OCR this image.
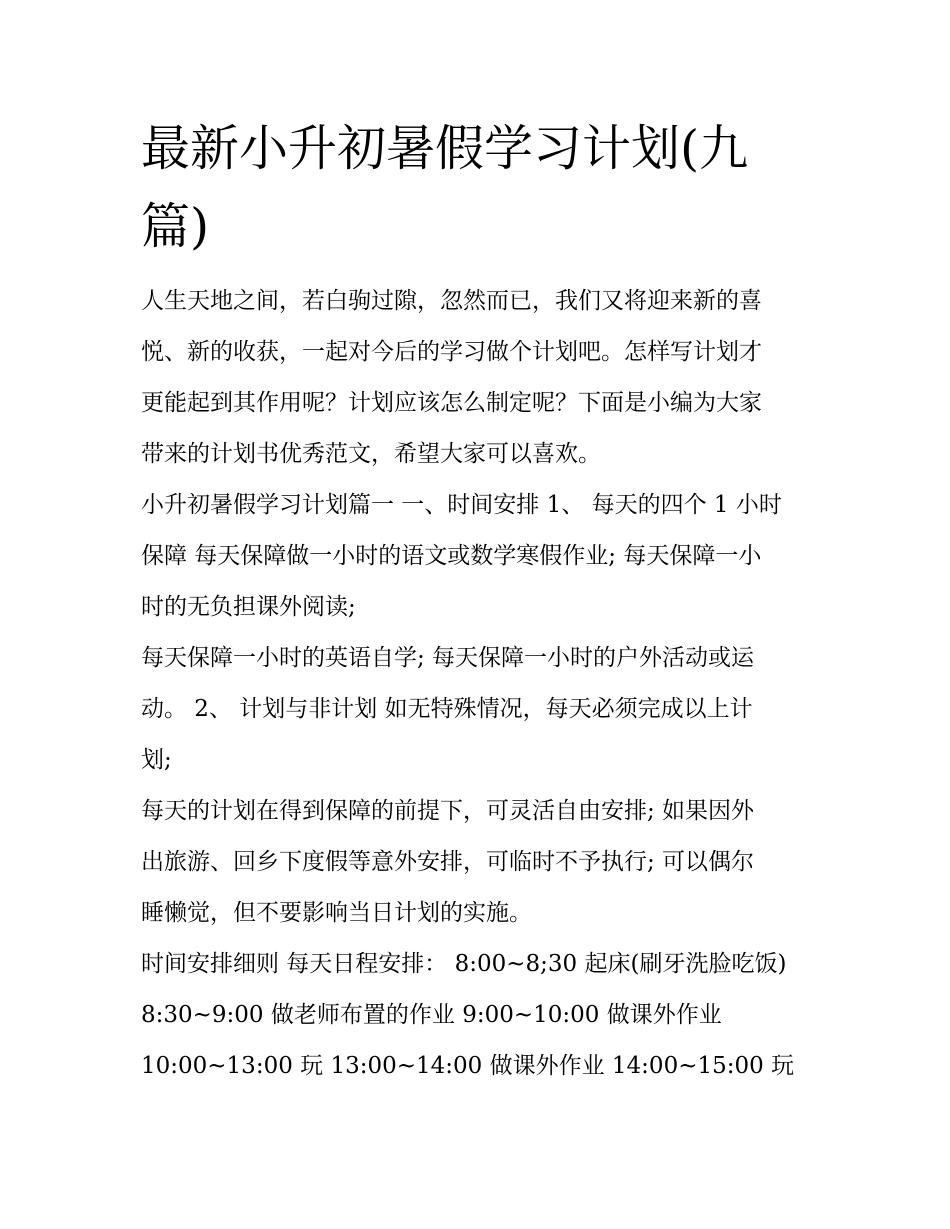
最新小升初暑假学习计划(九
篇)
人生天地之间，若白驹过隙，忽然而已，我们又将迎来新的喜
悦、新的收获，一起对今后的学习做个计划吧。怎样写计划才
更能起到其作用呢？计划应该怎么制定呢？下面是小编为大家
带来的计划书优秀范文，希望大家可以喜欢。
小升初暑假学习计划篇一 一、时间安排 1、 每天的四个 1 小时
保障 每天保障做一小时的语文或数学寒假作业; 每天保障一小
时的无负担课外阅读;
每天保障一小时的英语自学; 每天保障一小时的户外活动或运
动。 2、 计划与非计划 如无特殊情况，每天必须完成以上计
划;
每天的计划在得到保障的前提下，可灵活自由安排; 如果因外
出旅游、回乡下度假等意外安排，可临时不予执行; 可以偶尔
睡懒觉，但不要影响当日计划的实施。
时间安排细则 每天日程安排： 8:00~8;30 起床(刷牙洗脸吃饭)
8:30~9:00 做老师布置的作业 9:00~10:00 做课外作业
10:00~13:00 玩 13:00~14:00 做课外作业 14:00~15:00 玩
